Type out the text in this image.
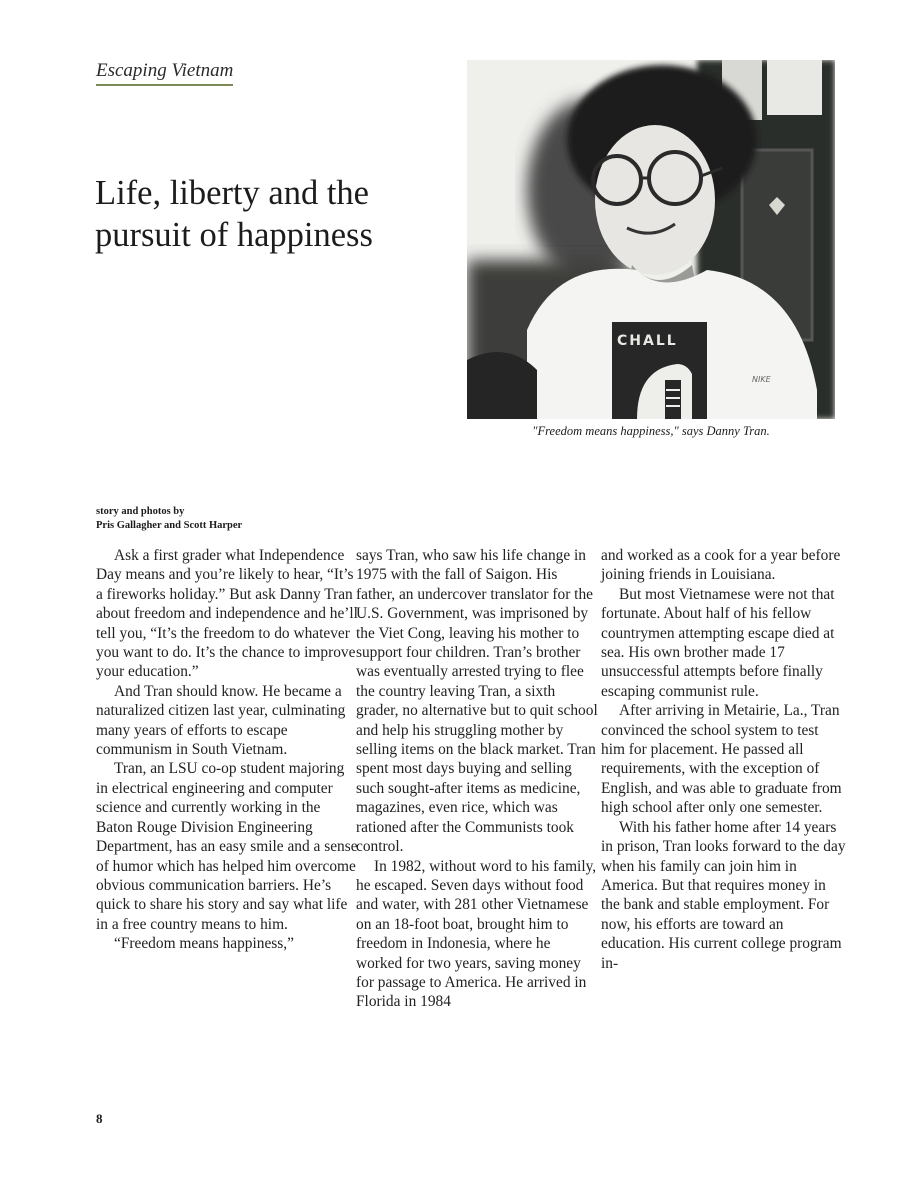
Escaping Vietnam
Life, liberty and the pursuit of happiness
CHALL
NIKE
"Freedom means happiness," says Danny Tran.
story and photos by
Pris Gallagher and Scott Harper

Ask a first grader what Independence Day means and you’re likely to hear, “It’s a fireworks holiday.” But ask Danny Tran about freedom and independence and he’ll tell you, “It’s the freedom to do whatever you want to do. It’s the chance to improve your education.”

And Tran should know. He became a naturalized citizen last year, culminating many years of efforts to escape communism in South Vietnam.

Tran, an LSU co-op student majoring in electrical engineering and computer science and currently working in the Baton Rouge Division Engineering Department, has an easy smile and a sense of humor which has helped him overcome obvious communication barriers. He’s quick to share his story and say what life in a free country means to him.

“Freedom means happiness,”

says Tran, who saw his life change in 1975 with the fall of Saigon. His father, an undercover translator for the U.S. Government, was imprisoned by the Viet Cong, leaving his mother to support four children. Tran’s brother was eventually arrested trying to flee the country leaving Tran, a sixth grader, no alternative but to quit school and help his struggling mother by selling items on the black market. Tran spent most days buying and selling such sought-after items as medicine, magazines, even rice, which was rationed after the Communists took control.

In 1982, without word to his family, he escaped. Seven days without food and water, with 281 other Vietnamese on an 18-foot boat, brought him to freedom in Indonesia, where he worked for two years, saving money for passage to America. He arrived in Florida in 1984

and worked as a cook for a year before joining friends in Louisiana.

But most Vietnamese were not that fortunate. About half of his fellow countrymen attempting escape died at sea. His own brother made 17 unsuccessful attempts before finally escaping communist rule.

After arriving in Metairie, La., Tran convinced the school system to test him for placement. He passed all requirements, with the exception of English, and was able to graduate from high school after only one semester.

With his father home after 14 years in prison, Tran looks forward to the day when his family can join him in America. But that requires money in the bank and stable employment. For now, his efforts are toward an education. His current college program in-

8
